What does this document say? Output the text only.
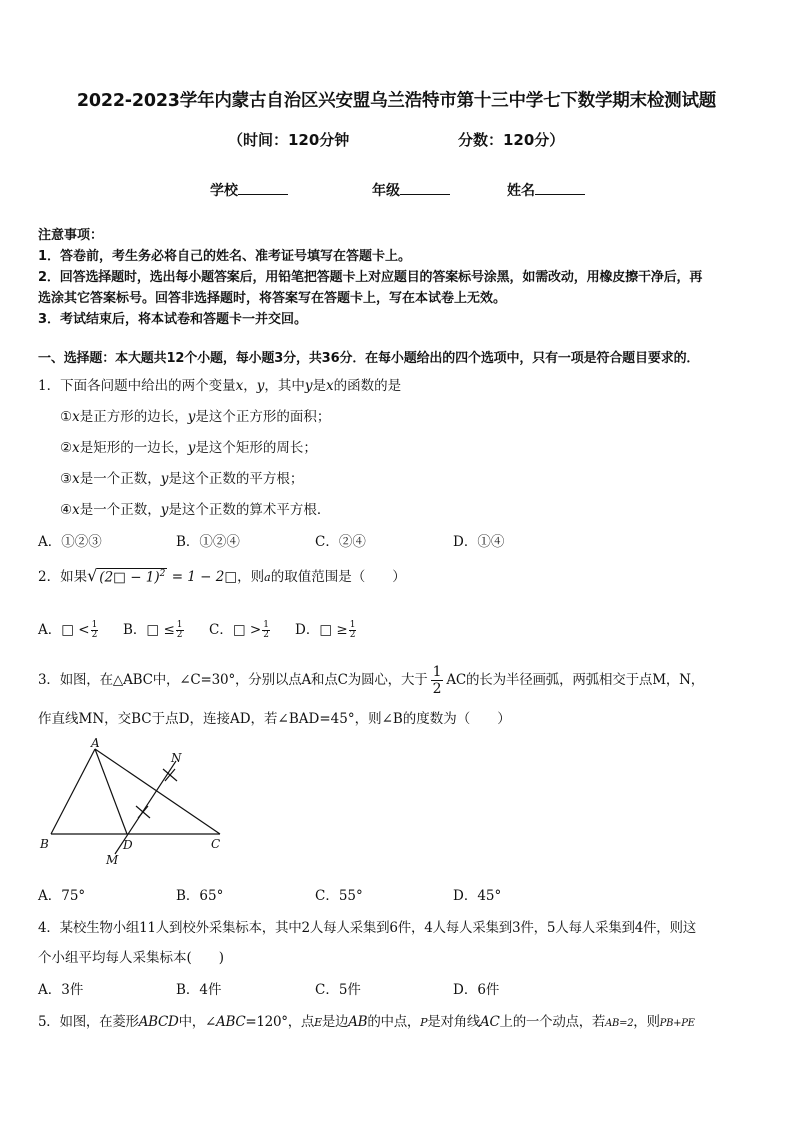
2022-2023学年内蒙古自治区兴安盟乌兰浩特市第十三中学七下数学期末检测试题
（时间：120分钟	分数：120分）
学校	年级	姓名
注意事项：
1．答卷前，考生务必将自己的姓名、准考证号填写在答题卡上。
2．回答选择题时，选出每小题答案后，用铅笔把答题卡上对应题目的答案标号涂黑，如需改动，用橡皮擦干净后，再
选涂其它答案标号。回答非选择题时，将答案写在答题卡上，写在本试卷上无效。
3．考试结束后，将本试卷和答题卡一并交回。
一、选择题：本大题共12个小题，每小题3分，共36分．在每小题给出的四个选项中，只有一项是符合题目要求的．
1．下面各问题中给出的两个变量x，y，其中y是x的函数的是
①x是正方形的边长，y是这个正方形的面积；
②x是矩形的一边长，y是这个矩形的周长；
③x是一个正数，y是这个正数的平方根；
④x是一个正数，y是这个正数的算术平方根．
A．①②③	B．①②④	C．②④	D．①④
2．如果√ (2□ − 1)$^2$ = 1 − 2□，则a的取值范围是（　　）
A．□ < $\frac{1}{2}$ B．□ ≤ $\frac{1}{2}$ C．□ > $\frac{1}{2}$ D．□ ≥ $\frac{1}{2}$
3．如图，在△ABC中，∠C=30°，分别以点A和点C为圆心，大于 $\frac{1}{2}$ AC的长为半径画弧，两弧相交于点M，N，
作直线MN，交BC于点D，连接AD，若∠BAD=45°，则∠B的度数为（　　）
A
B	C
D
M
N
A．75°	B．65°	C．55°	D．45°
4．某校生物小组11人到校外采集标本，其中2人每人采集到6件，4人每人采集到3件，5人每人采集到4件，则这
个小组平均每人采集标本(　　)
A．3件	B．4件	C．5件	D．6件
5．如图，在菱形ABCD中，∠ABC=120°，点E是边AB的中点，P是对角线AC上的一个动点，若AB=2，则PB+PE
